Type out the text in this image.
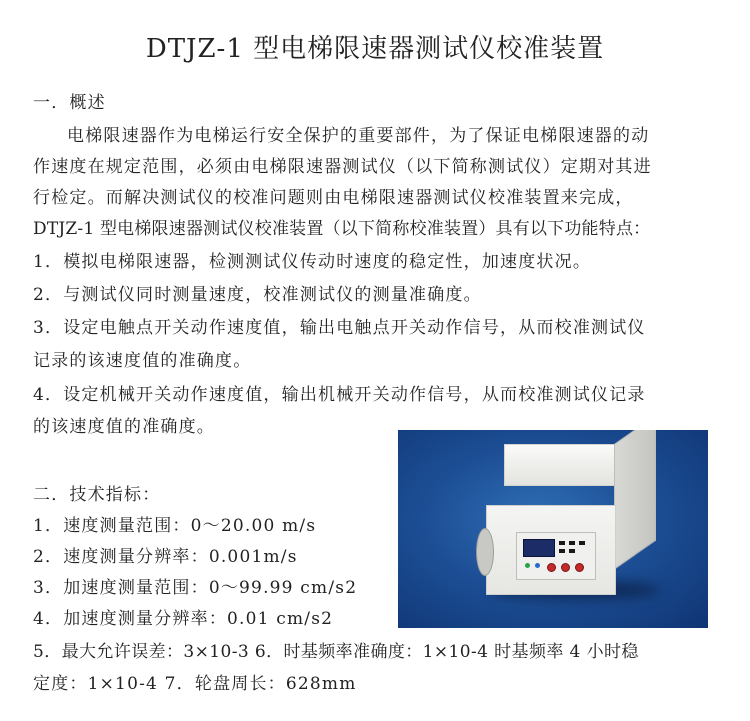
DTJZ-1 型电梯限速器测试仪校准装置
一．概述
电梯限速器作为电梯运行安全保护的重要部件，为了保证电梯限速器的动
作速度在规定范围，必须由电梯限速器测试仪（以下简称测试仪）定期对其进
行检定。而解决测试仪的校准问题则由电梯限速器测试仪校准装置来完成，
DTJZ-1 型电梯限速器测试仪校准装置（以下简称校准装置）具有以下功能特点：
1．模拟电梯限速器，检测测试仪传动时速度的稳定性，加速度状况。
2．与测试仪同时测量速度，校准测试仪的测量准确度。
3．设定电触点开关动作速度值，输出电触点开关动作信号，从而校准测试仪
记录的该速度值的准确度。
4．设定机械开关动作速度值，输出机械开关动作信号，从而校准测试仪记录
的该速度值的准确度。
二．技术指标：
1．速度测量范围：0～20.00 m/s
2．速度测量分辨率：0.001m/s
3．加速度测量范围：0～99.99 cm/s2
4．加速度测量分辨率：0.01 cm/s2
5．最大允许误差：3×10-3 6．时基频率准确度：1×10-4 时基频率 4 小时稳
定度：1×10-4 7．轮盘周长：628mm
